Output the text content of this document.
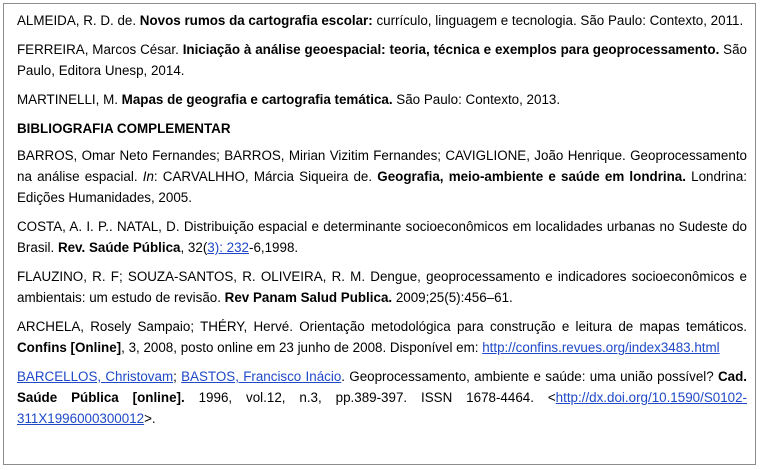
ALMEIDA, R. D. de. Novos rumos da cartografia escolar: currículo, linguagem e tecnologia. São Paulo: Contexto, 2011.

FERREIRA, Marcos César. Iniciação à análise geoespacial: teoria, técnica e exemplos para geoprocessamento. São Paulo, Editora Unesp, 2014.

MARTINELLI, M. Mapas de geografia e cartografia temática. São Paulo: Contexto, 2013.

BIBLIOGRAFIA COMPLEMENTAR

BARROS, Omar Neto Fernandes; BARROS, Mirian Vizitim Fernandes; CAVIGLIONE, João Henrique. Geoprocessamento na análise espacial. In: CARVALHHO, Márcia Siqueira de. Geografia, meio-ambiente e saúde em londrina. Londrina: Edições Humanidades, 2005.

COSTA, A. I. P.. NATAL, D. Distribuição espacial e determinante socioeconômicos em localidades urbanas no Sudeste do Brasil. Rev. Saúde Pública, 32(3): 232-6,1998.

FLAUZINO, R. F; SOUZA-SANTOS, R. OLIVEIRA, R. M. Dengue, geoprocessamento e indicadores socioeconômicos e ambientais: um estudo de revisão. Rev Panam Salud Publica. 2009;25(5):456–61.

ARCHELA, Rosely Sampaio; THÉRY, Hervé. Orientação metodológica para construção e leitura de mapas temáticos. Confins [Online], 3, 2008, posto online em 23 junho de 2008. Disponível em: http://confins.revues.org/index3483.html

BARCELLOS, Christovam; BASTOS, Francisco Inácio. Geoprocessamento, ambiente e saúde: uma união possível? Cad. Saúde Pública [online]. 1996, vol.12, n.3, pp.389-397. ISSN 1678-4464. <http://dx.doi.org/10.1590/S0102-311X1996000300012>.
